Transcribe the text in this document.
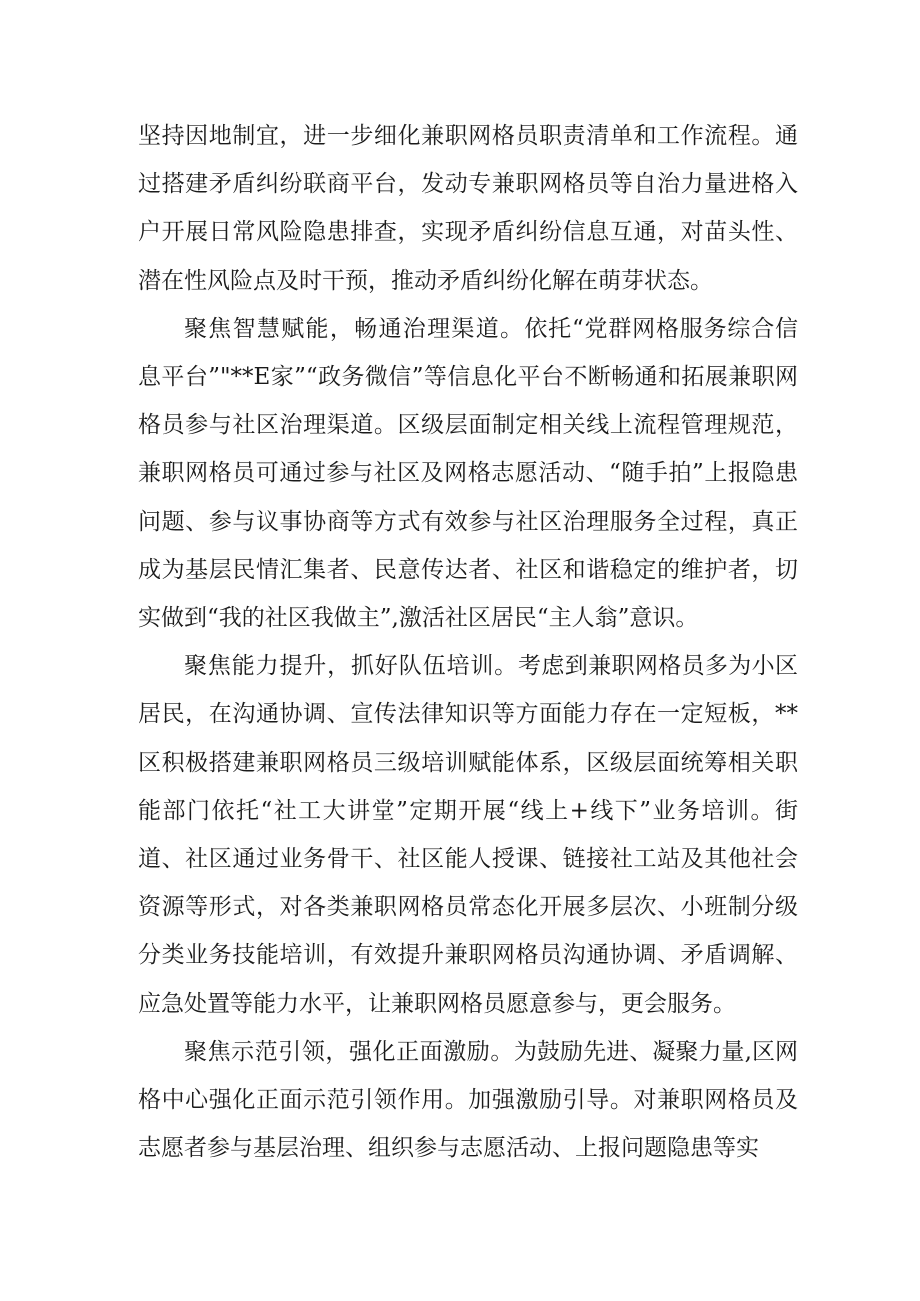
坚持因地制宜，进一步细化兼职网格员职责清单和工作流程。通过搭建矛盾纠纷联商平台，发动专兼职网格员等自治力量进格入户开展日常风险隐患排查，实现矛盾纠纷信息互通，对苗头性、潜在性风险点及时干预，推动矛盾纠纷化解在萌芽状态。

聚焦智慧赋能，畅通治理渠道。依托“党群网格服务综合信息平台”"**E家”“政务微信”等信息化平台不断畅通和拓展兼职网格员参与社区治理渠道。区级层面制定相关线上流程管理规范，兼职网格员可通过参与社区及网格志愿活动、“随手拍”上报隐患问题、参与议事协商等方式有效参与社区治理服务全过程，真正成为基层民情汇集者、民意传达者、社区和谐稳定的维护者，切实做到“我的社区我做主”,激活社区居民“主人翁”意识。

聚焦能力提升，抓好队伍培训。考虑到兼职网格员多为小区居民，在沟通协调、宣传法律知识等方面能力存在一定短板，**区积极搭建兼职网格员三级培训赋能体系，区级层面统筹相关职能部门依托“社工大讲堂”定期开展“线上+线下”业务培训。街道、社区通过业务骨干、社区能人授课、链接社工站及其他社会资源等形式，对各类兼职网格员常态化开展多层次、小班制分级分类业务技能培训，有效提升兼职网格员沟通协调、矛盾调解、应急处置等能力水平，让兼职网格员愿意参与，更会服务。

聚焦示范引领，强化正面激励。为鼓励先进、凝聚力量,区网格中心强化正面示范引领作用。加强激励引导。对兼职网格员及志愿者参与基层治理、组织参与志愿活动、上报问题隐患等实
